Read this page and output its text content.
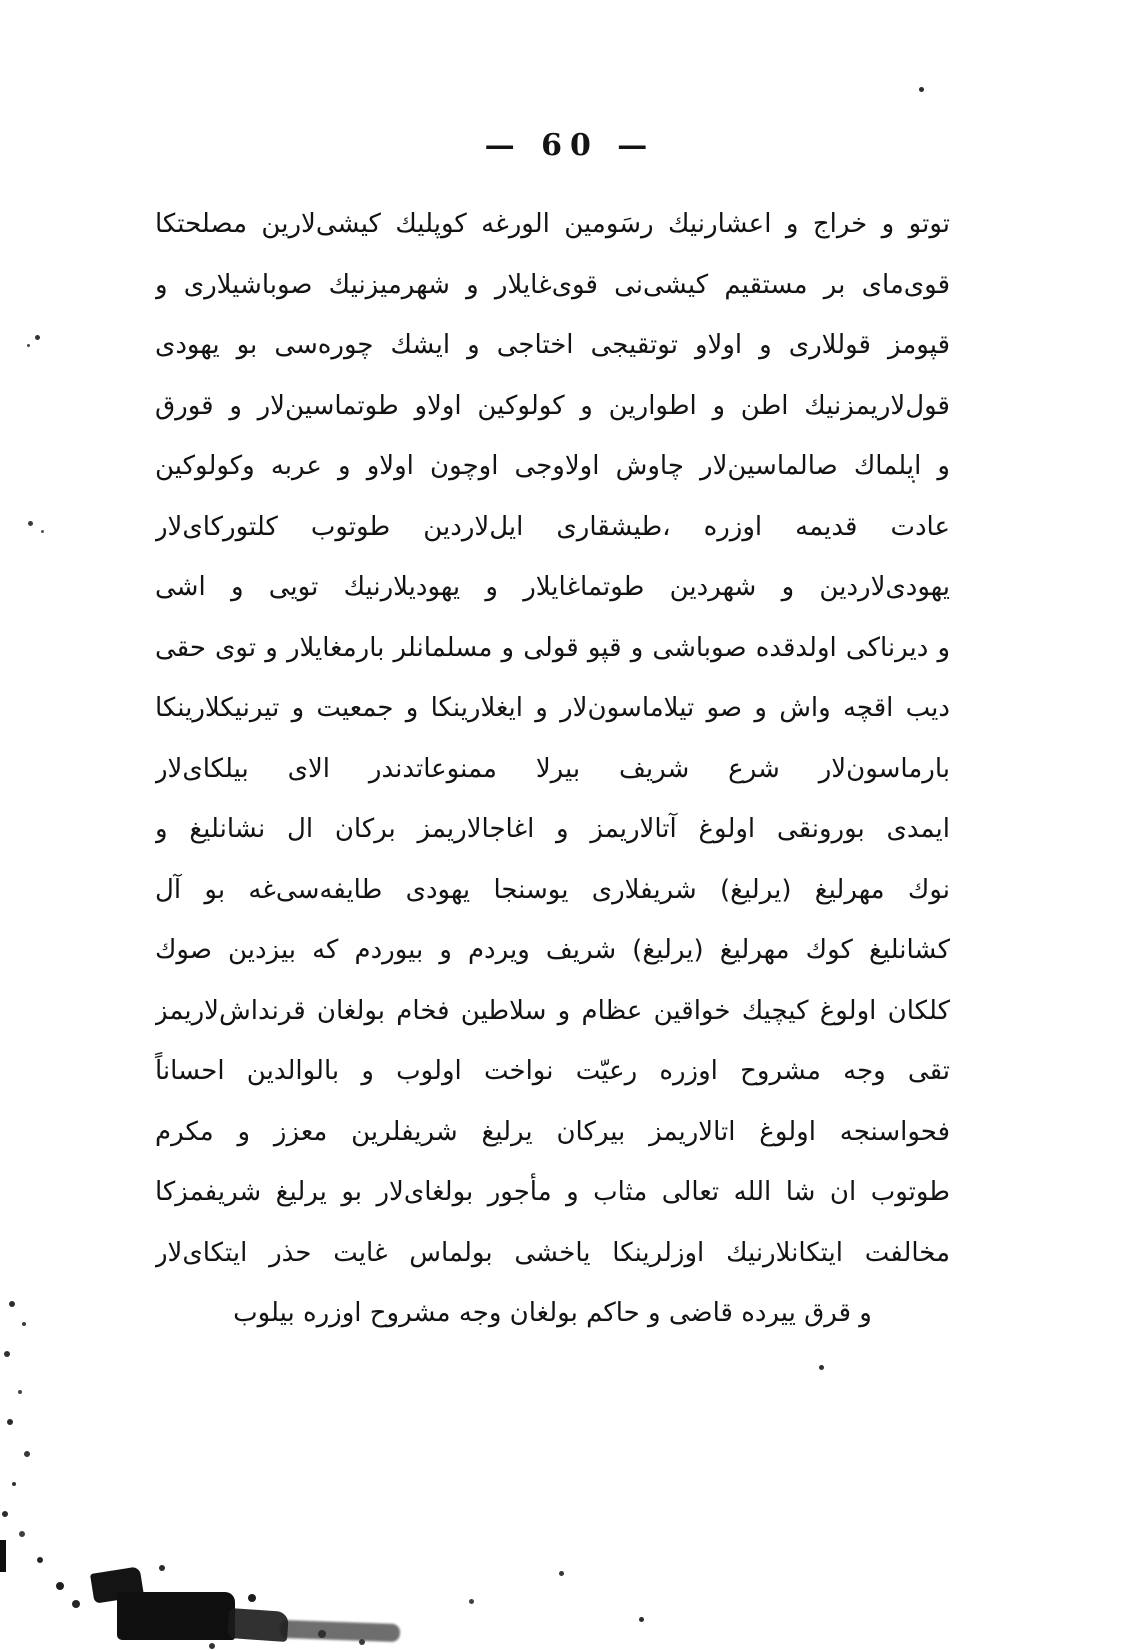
— 60 —
توتو و خراج و اعشارنيك رسَومين الورغه كوپليك كيشى‌لارين مصلحتكا
قوى‌ماى بر مستقيم كيشى‌نى قوى‌غايلار و شهرميزنيك صوباشيلارى و
قپومز قوللارى و اولاو توتقيجى اختاجى و ايشك چوره‌سى بو يهودى
قول‌لاريمزنيك اطن و اطوارين و كولوكين اولاو طوتماسين‌لار و قورق
و ايلماك صالماسين‌لار چاوش اولاوجى اوچون اولاو و عربه وكولوكين
عادت قديمه اوزره ،طيشقارى ايل‌لاردين طوتوب كلتوركاى‌لار
يهودى‌لاردين و شهردين طوتماغايلار و يهوديلارنيك تويى و اشى
و ديرناكى اولدقده صوباشى و قپو قولى و مسلمانلر بارمغايلار و توى حقى
ديب اقچه واش و صو تيلاماسون‌لار و ايغلارينكا و جمعيت و تيرنيكلارينكا
بارماسون‌لار شرع شريف بيرلا ممنوعاتدندر الاى بيلكاى‌لار
ايمدى بورونقى اولوغ آتالاريمز و اغاجالاريمز بركان ال نشانليغ و
نوك مهرليغ (يرليغ) شريفلارى يوسنجا يهودى طايفه‌سى‌غه بو آل
كشانليغ كوك مهرليغ (يرليغ) شريف ويردم و بيوردم كه بيزدين صوك
كلكان اولوغ كيچيك خواقين عظام و سلاطين فخام بولغان قرنداش‌لاريمز
تقى وجه مشروح اوزره رعيّت نواخت اولوب و بالوالدين احساناً
فحواسنجه اولوغ اتالاريمز بيركان يرليغ شريفلرين معزز و مكرم
طوتوب ان شا الله تعالى مثاب و مأجور بولغاى‌لار بو يرليغ شريفمزكا
مخالفت ايتكانلارنيك اوزلرينكا ياخشى بولماس غايت حذر ايتكاى‌لار
و قرق ييرده قاضى و حاكم بولغان وجه مشروح اوزره بيلوب
